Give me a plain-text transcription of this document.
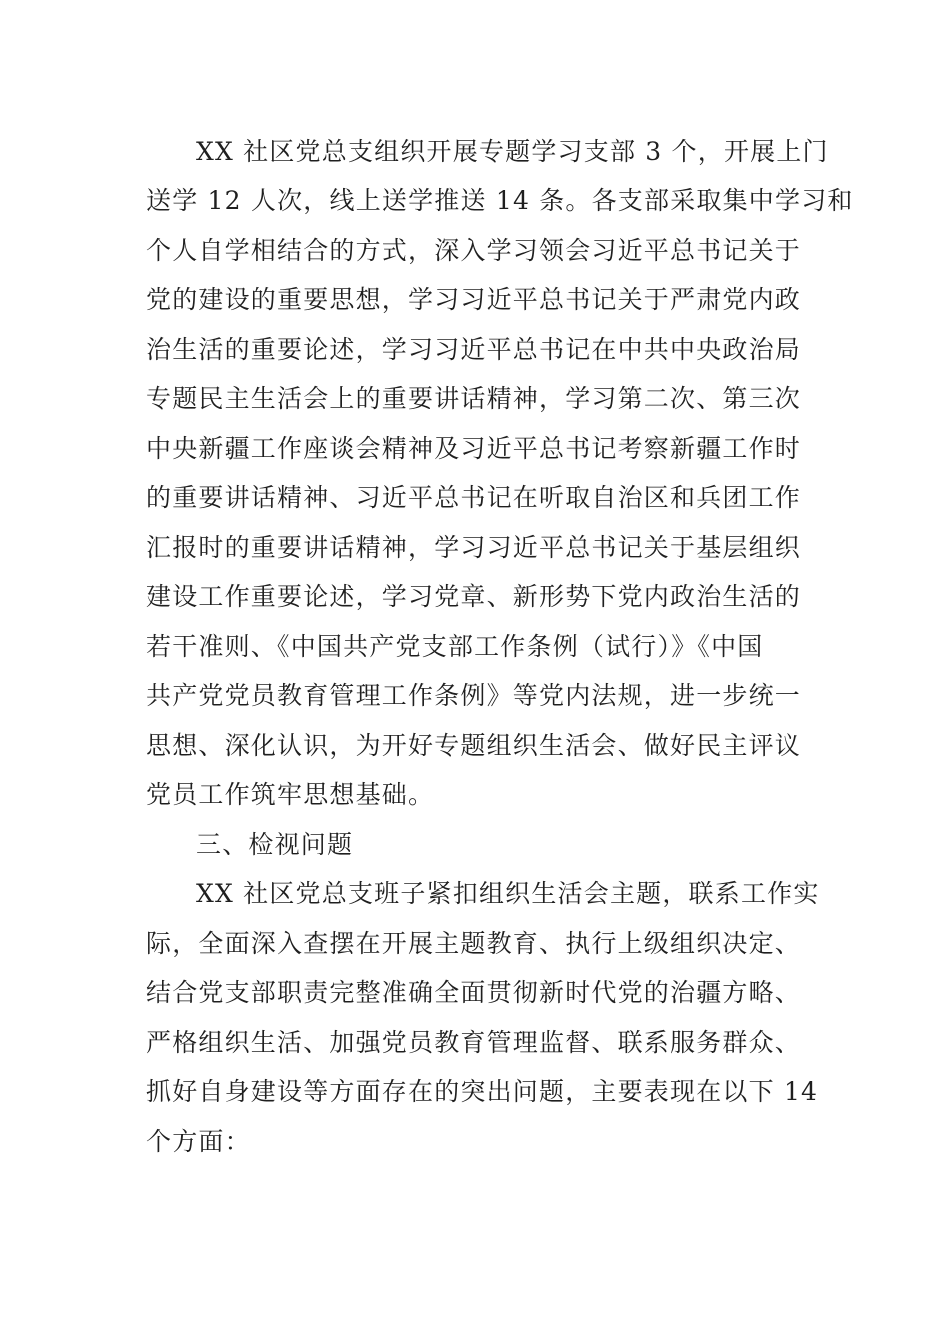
XX 社区党总支组织开展专题学习支部 3 个，开展上门

送学 12 人次，线上送学推送 14 条。各支部采取集中学习和

个人自学相结合的方式，深入学习领会习近平总书记关于

党的建设的重要思想，学习习近平总书记关于严肃党内政

治生活的重要论述，学习习近平总书记在中共中央政治局

专题民主生活会上的重要讲话精神，学习第二次、第三次

中央新疆工作座谈会精神及习近平总书记考察新疆工作时

的重要讲话精神、习近平总书记在听取自治区和兵团工作

汇报时的重要讲话精神，学习习近平总书记关于基层组织

建设工作重要论述，学习党章、新形势下党内政治生活的

若干准则、《中国共产党支部工作条例（试行）》《中国

共产党党员教育管理工作条例》等党内法规，进一步统一

思想、深化认识，为开好专题组织生活会、做好民主评议

党员工作筑牢思想基础。

三、检视问题

XX 社区党总支班子紧扣组织生活会主题，联系工作实

际，全面深入查摆在开展主题教育、执行上级组织决定、

结合党支部职责完整准确全面贯彻新时代党的治疆方略、

严格组织生活、加强党员教育管理监督、联系服务群众、

抓好自身建设等方面存在的突出问题，主要表现在以下 14

个方面：
